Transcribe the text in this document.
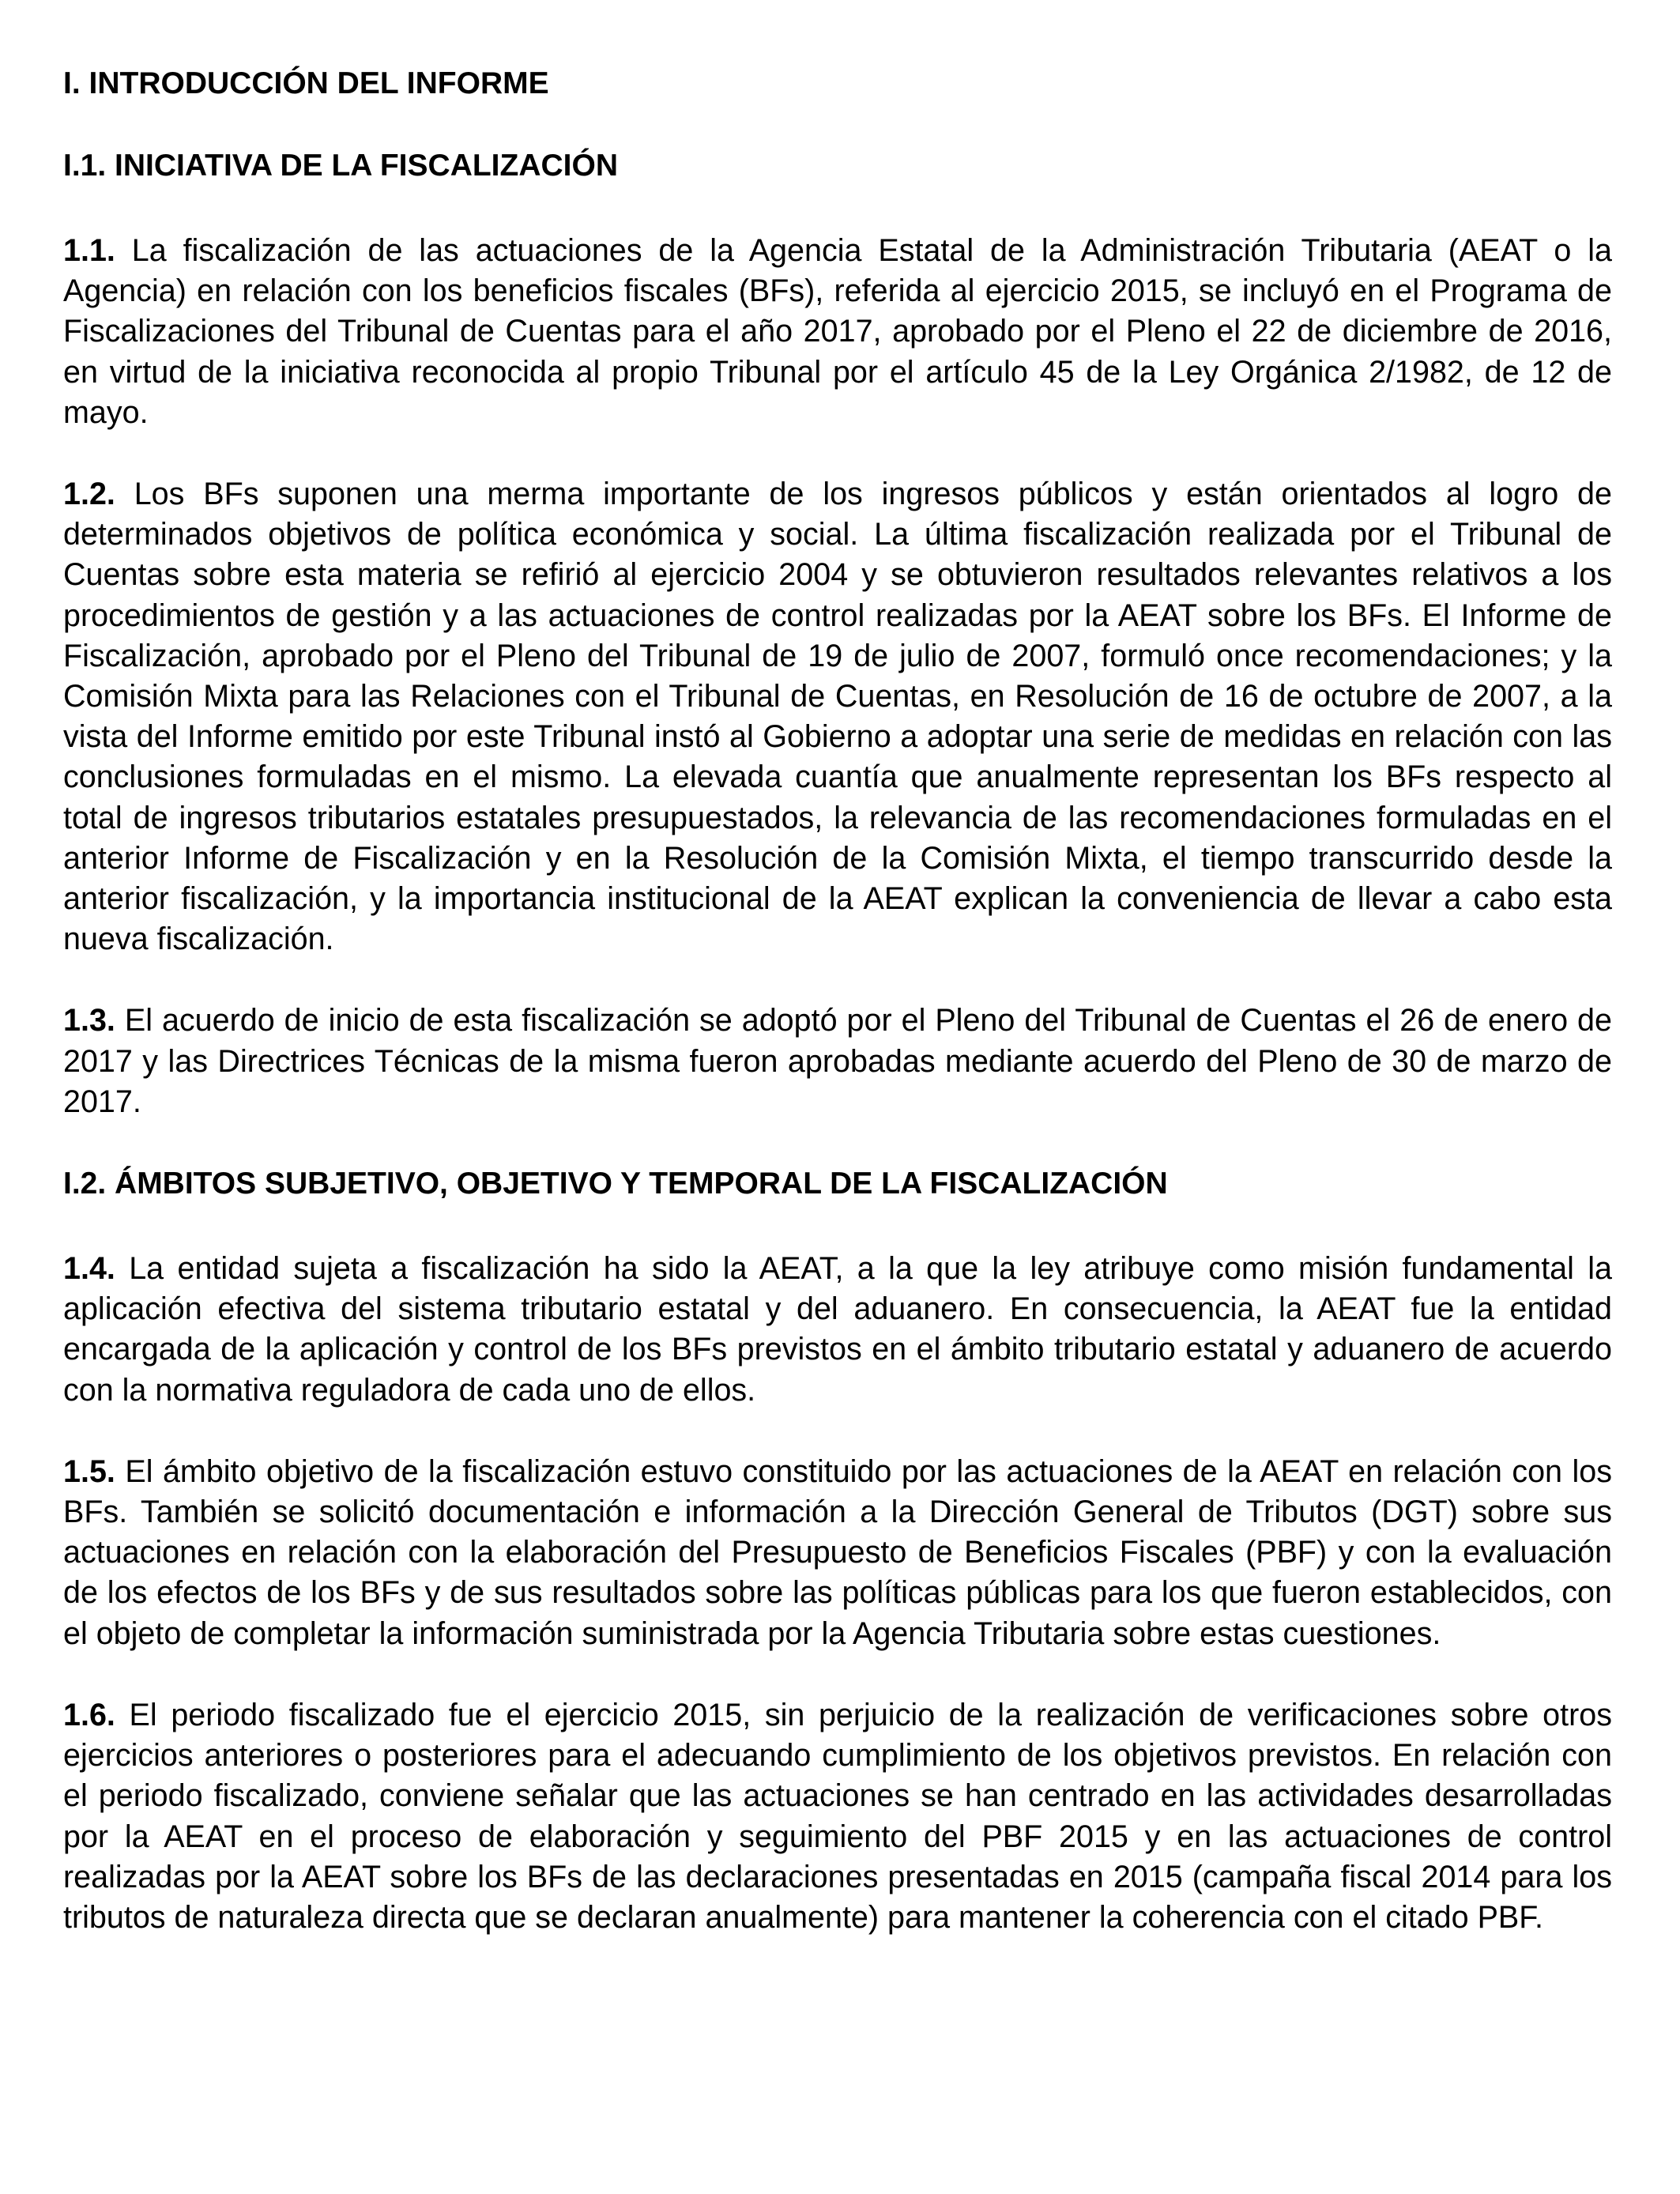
I. INTRODUCCIÓN DEL INFORME
I.1. INICIATIVA DE LA FISCALIZACIÓN

1.1. La fiscalización de las actuaciones de la Agencia Estatal de la Administración Tributaria (AEAT o la Agencia) en relación con los beneficios fiscales (BFs), referida al ejercicio 2015, se incluyó en el Programa de Fiscalizaciones del Tribunal de Cuentas para el año 2017, aprobado por el Pleno el 22 de diciembre de 2016, en virtud de la iniciativa reconocida al propio Tribunal por el artículo 45 de la Ley Orgánica 2/1982, de 12 de mayo.

1.2. Los BFs suponen una merma importante de los ingresos públicos y están orientados al logro de determinados objetivos de política económica y social. La última fiscalización realizada por el Tribunal de Cuentas sobre esta materia se refirió al ejercicio 2004 y se obtuvieron resultados relevantes relativos a los procedimientos de gestión y a las actuaciones de control realizadas por la AEAT sobre los BFs. El Informe de Fiscalización, aprobado por el Pleno del Tribunal de 19 de julio de 2007, formuló once recomendaciones; y la Comisión Mixta para las Relaciones con el Tribunal de Cuentas, en Resolución de 16 de octubre de 2007, a la vista del Informe emitido por este Tribunal instó al Gobierno a adoptar una serie de medidas en relación con las conclusiones formuladas en el mismo. La elevada cuantía que anualmente representan los BFs respecto al total de ingresos tributarios estatales presupuestados, la relevancia de las recomendaciones formuladas en el anterior Informe de Fiscalización y en la Resolución de la Comisión Mixta, el tiempo transcurrido desde la anterior fiscalización, y la importancia institucional de la AEAT explican la conveniencia de llevar a cabo esta nueva fiscalización.

1.3. El acuerdo de inicio de esta fiscalización se adoptó por el Pleno del Tribunal de Cuentas el 26 de enero de 2017 y las Directrices Técnicas de la misma fueron aprobadas mediante acuerdo del Pleno de 30 de marzo de 2017.

I.2. ÁMBITOS SUBJETIVO, OBJETIVO Y TEMPORAL DE LA FISCALIZACIÓN

1.4. La entidad sujeta a fiscalización ha sido la AEAT, a la que la ley atribuye como misión fundamental la aplicación efectiva del sistema tributario estatal y del aduanero. En consecuencia, la AEAT fue la entidad encargada de la aplicación y control de los BFs previstos en el ámbito tributario estatal y aduanero de acuerdo con la normativa reguladora de cada uno de ellos.

1.5. El ámbito objetivo de la fiscalización estuvo constituido por las actuaciones de la AEAT en relación con los BFs. También se solicitó documentación e información a la Dirección General de Tributos (DGT) sobre sus actuaciones en relación con la elaboración del Presupuesto de Beneficios Fiscales (PBF) y con la evaluación de los efectos de los BFs y de sus resultados sobre las políticas públicas para los que fueron establecidos, con el objeto de completar la información suministrada por la Agencia Tributaria sobre estas cuestiones.

1.6. El periodo fiscalizado fue el ejercicio 2015, sin perjuicio de la realización de verificaciones sobre otros ejercicios anteriores o posteriores para el adecuando cumplimiento de los objetivos previstos. En relación con el periodo fiscalizado, conviene señalar que las actuaciones se han centrado en las actividades desarrolladas por la AEAT en el proceso de elaboración y seguimiento del PBF 2015 y en las actuaciones de control realizadas por la AEAT sobre los BFs de las declaraciones presentadas en 2015 (campaña fiscal 2014 para los tributos de naturaleza directa que se declaran anualmente) para mantener la coherencia con el citado PBF.
